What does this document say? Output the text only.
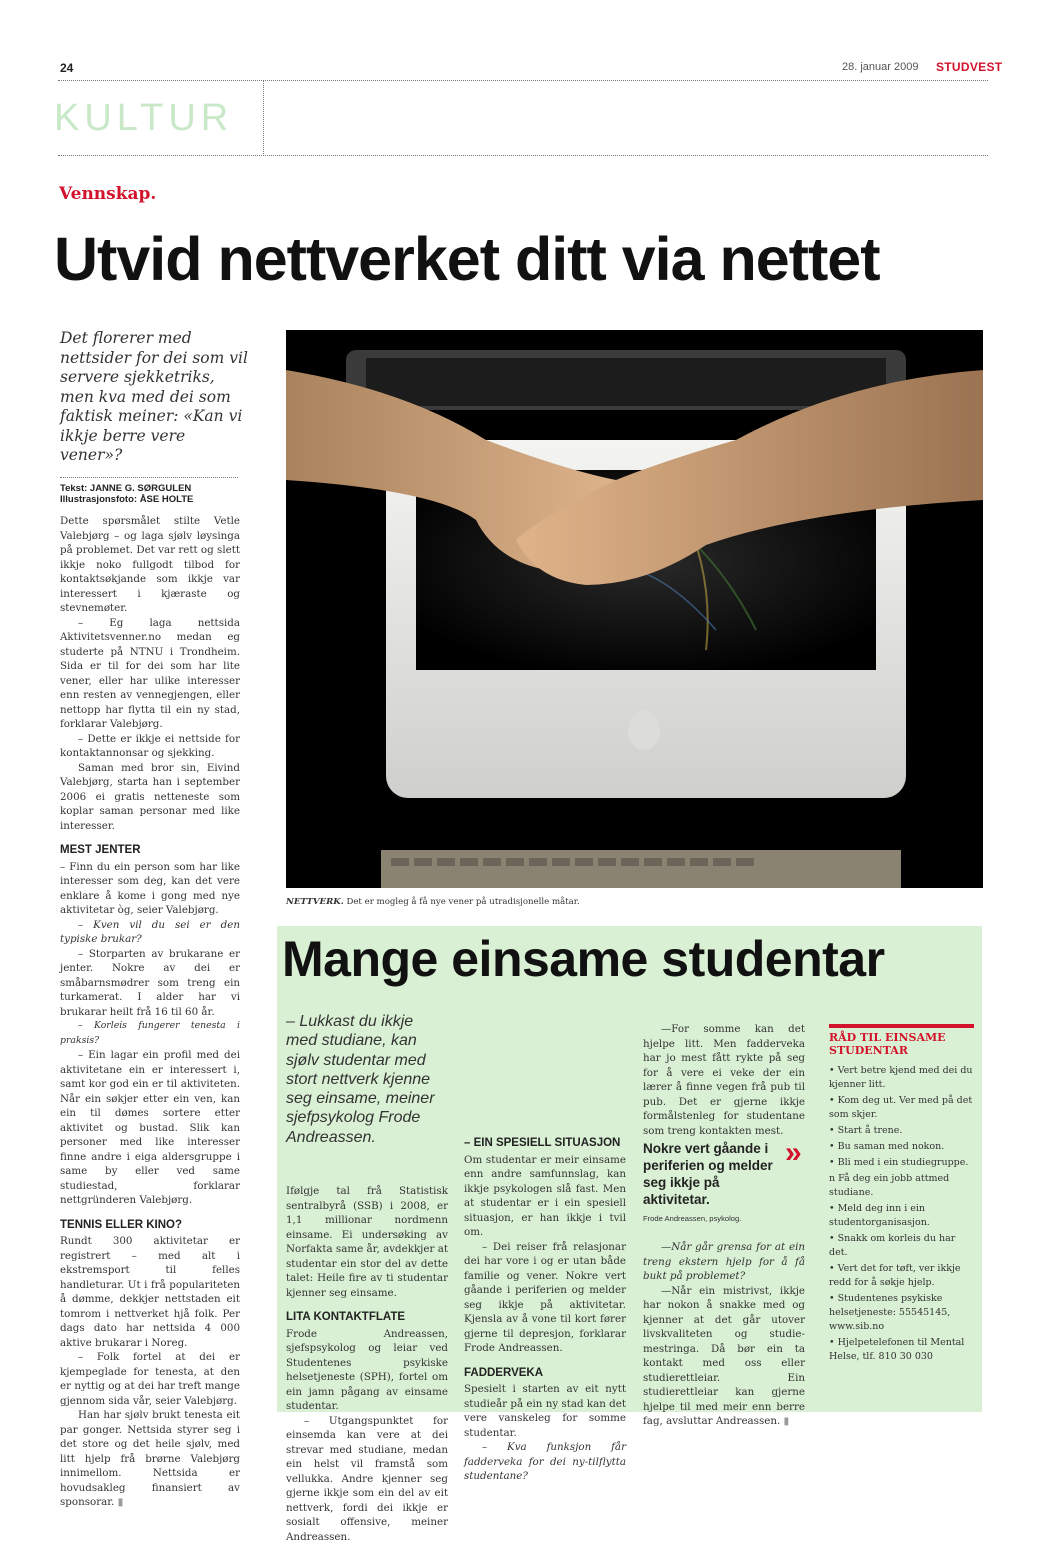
24	28. januar 2009 STUDVEST
KULTUR
Vennskap.
Utvid nettverket ditt via nettet
Det florerer med nettsider for dei som vil servere sjekketriks, men kva med dei som faktisk meiner: «Kan vi ikkje berre vere vener»?
Tekst: JANNE G. SØRGULEN
Illustrasjonsfoto: ÅSE HOLTE

Dette spørsmålet stilte Vetle Valebjørg – og laga sjølv løysinga på problemet. Det var rett og slett ikkje noko fullgodt tilbod for kontaktsøkjande som ikkje var interessert i kjæraste og stevnemøter.

– Eg laga nettsida Aktivitetsvenner.no medan eg studerte på NTNU i Trondheim. Sida er til for dei som har lite vener, eller har ulike interesser enn resten av vennegjengen, eller nettopp har flytta til ein ny stad, forklarar Valebjørg.

– Dette er ikkje ei nettside for kontaktannonsar og sjekking.

Saman med bror sin, Eivind Valebjørg, starta han i september 2006 ei gratis netteneste som koplar saman personar med like interesser.

MEST JENTER

– Finn du ein person som har like interesser som deg, kan det vere enklare å kome i gong med nye aktivitetar òg, seier Valebjørg.

– Kven vil du sei er den typiske brukar?

– Storparten av brukarane er jenter. Nokre av dei er småbarnsmødrer som treng ein turkamerat. I alder har vi brukarar heilt frå 16 til 60 år.

– Korleis fungerer tenesta i praksis?

– Ein lagar ein profil med dei aktivitetane ein er interessert i, samt kor god ein er til aktiviteten. Når ein søkjer etter ein ven, kan ein til dømes sortere etter aktivitet og bustad. Slik kan personer med like interesser finne andre i eiga aldersgruppe i same by eller ved same studiestad, forklarar nettgründeren Valebjørg.

TENNIS ELLER KINO?

Rundt 300 aktivitetar er registrert – med alt i ekstremsport til felles handleturar. Ut i frå populariteten å dømme, dekkjer nettstaden eit tomrom i nettverket hjå folk. Per dags dato har nettsida 4 000 aktive brukarar i Noreg.

– Folk fortel at dei er kjempeglade for tenesta, at den er nyttig og at dei har treft mange gjennom sida vår, seier Valebjørg.

Han har sjølv brukt tenesta eit par gonger. Nettsida styrer seg i det store og det heile sjølv, med litt hjelp frå brørne Valebjørg innimellom. Nettsida er hovudsakleg finansiert av sponsorar. ▮

NETTVERK. Det er mogleg å få nye vener på utradisjonelle måtar.
Mange einsame studentar
– Lukkast du ikkje med studiane, kan sjølv studentar med stort nettverk kjenne seg einsame, meiner sjefpsykolog Frode Andreassen.

Ifølgje tal frå Statistisk sentralbyrå (SSB) i 2008, er 1,1 millionar nordmenn einsame. Ei undersøking av Norfakta same år, avdekkjer at studentar ein stor del av dette talet: Heile fire av ti studentar kjenner seg einsame.

LITA KONTAKTFLATE

Frode Andreassen, sjefspsykolog og leiar ved Studentenes psykiske helsetjeneste (SPH), fortel om ein jamn pågang av einsame studentar.

– Utgangspunktet for einsemda kan vere at dei strevar med studiane, medan ein helst vil framstå som vellukka. Andre kjenner seg gjerne ikkje som ein del av eit nettverk, fordi dei ikkje er sosialt offensive, meiner Andreassen.

– EIN SPESIELL SITUASJON

Om studentar er meir einsame enn andre samfunnslag, kan ikkje psykologen slå fast. Men at studentar er i ein spesiell situasjon, er han ikkje i tvil om.

– Dei reiser frå relasjonar dei har vore i og er utan både familie og vener. Nokre vert gåande i periferien og melder seg ikkje på aktivitetar. Kjensla av å vone til kort fører gjerne til depresjon, forklarar Frode Andreassen.

FADDERVEKA

Spesielt i starten av eit nytt studieår på ein ny stad kan det vere vanskeleg for somme studentar.

– Kva funksjon får fadderveka for dei ny-tilflytta studentane?

—For somme kan det hjelpe litt. Men fadderveka har jo mest fått rykte på seg for å vere ei veke der ein lærer å finne vegen frå pub til pub. Det er gjerne ikkje formålstenleg for studentane som treng kontakten mest.

Nokre vert gåande i periferien og melder seg ikkje på aktivitetar.
»
Frode Andreassen, psykolog.

—Når går grensa for at ein treng ekstern hjelp for å få bukt på problemet?

—Når ein mistrivst, ikkje har nokon å snakke med og kjenner at det går utover livskvaliteten og studie-mestringa. Då bør ein ta kontakt med oss eller studierettleiar. Ein studierettleiar kan gjerne hjelpe til med meir enn berre fag, avsluttar Andreassen. ▮

RÅD TIL EINSAME STUDENTAR
• Vert betre kjend med dei du kjenner litt.
• Kom deg ut. Ver med på det som skjer.
• Start å trene.
• Bu saman med nokon.
• Bli med i ein studiegruppe.
n Få deg ein jobb attmed studiane.
• Meld deg inn i ein studentorganisasjon.
• Snakk om korleis du har det.
• Vert det for tøft, ver ikkje redd for å søkje hjelp.
• Studentenes psykiske helsetjeneste: 55545145, www.sib.no
• Hjelpetelefonen til Mental Helse, tlf. 810 30 030
